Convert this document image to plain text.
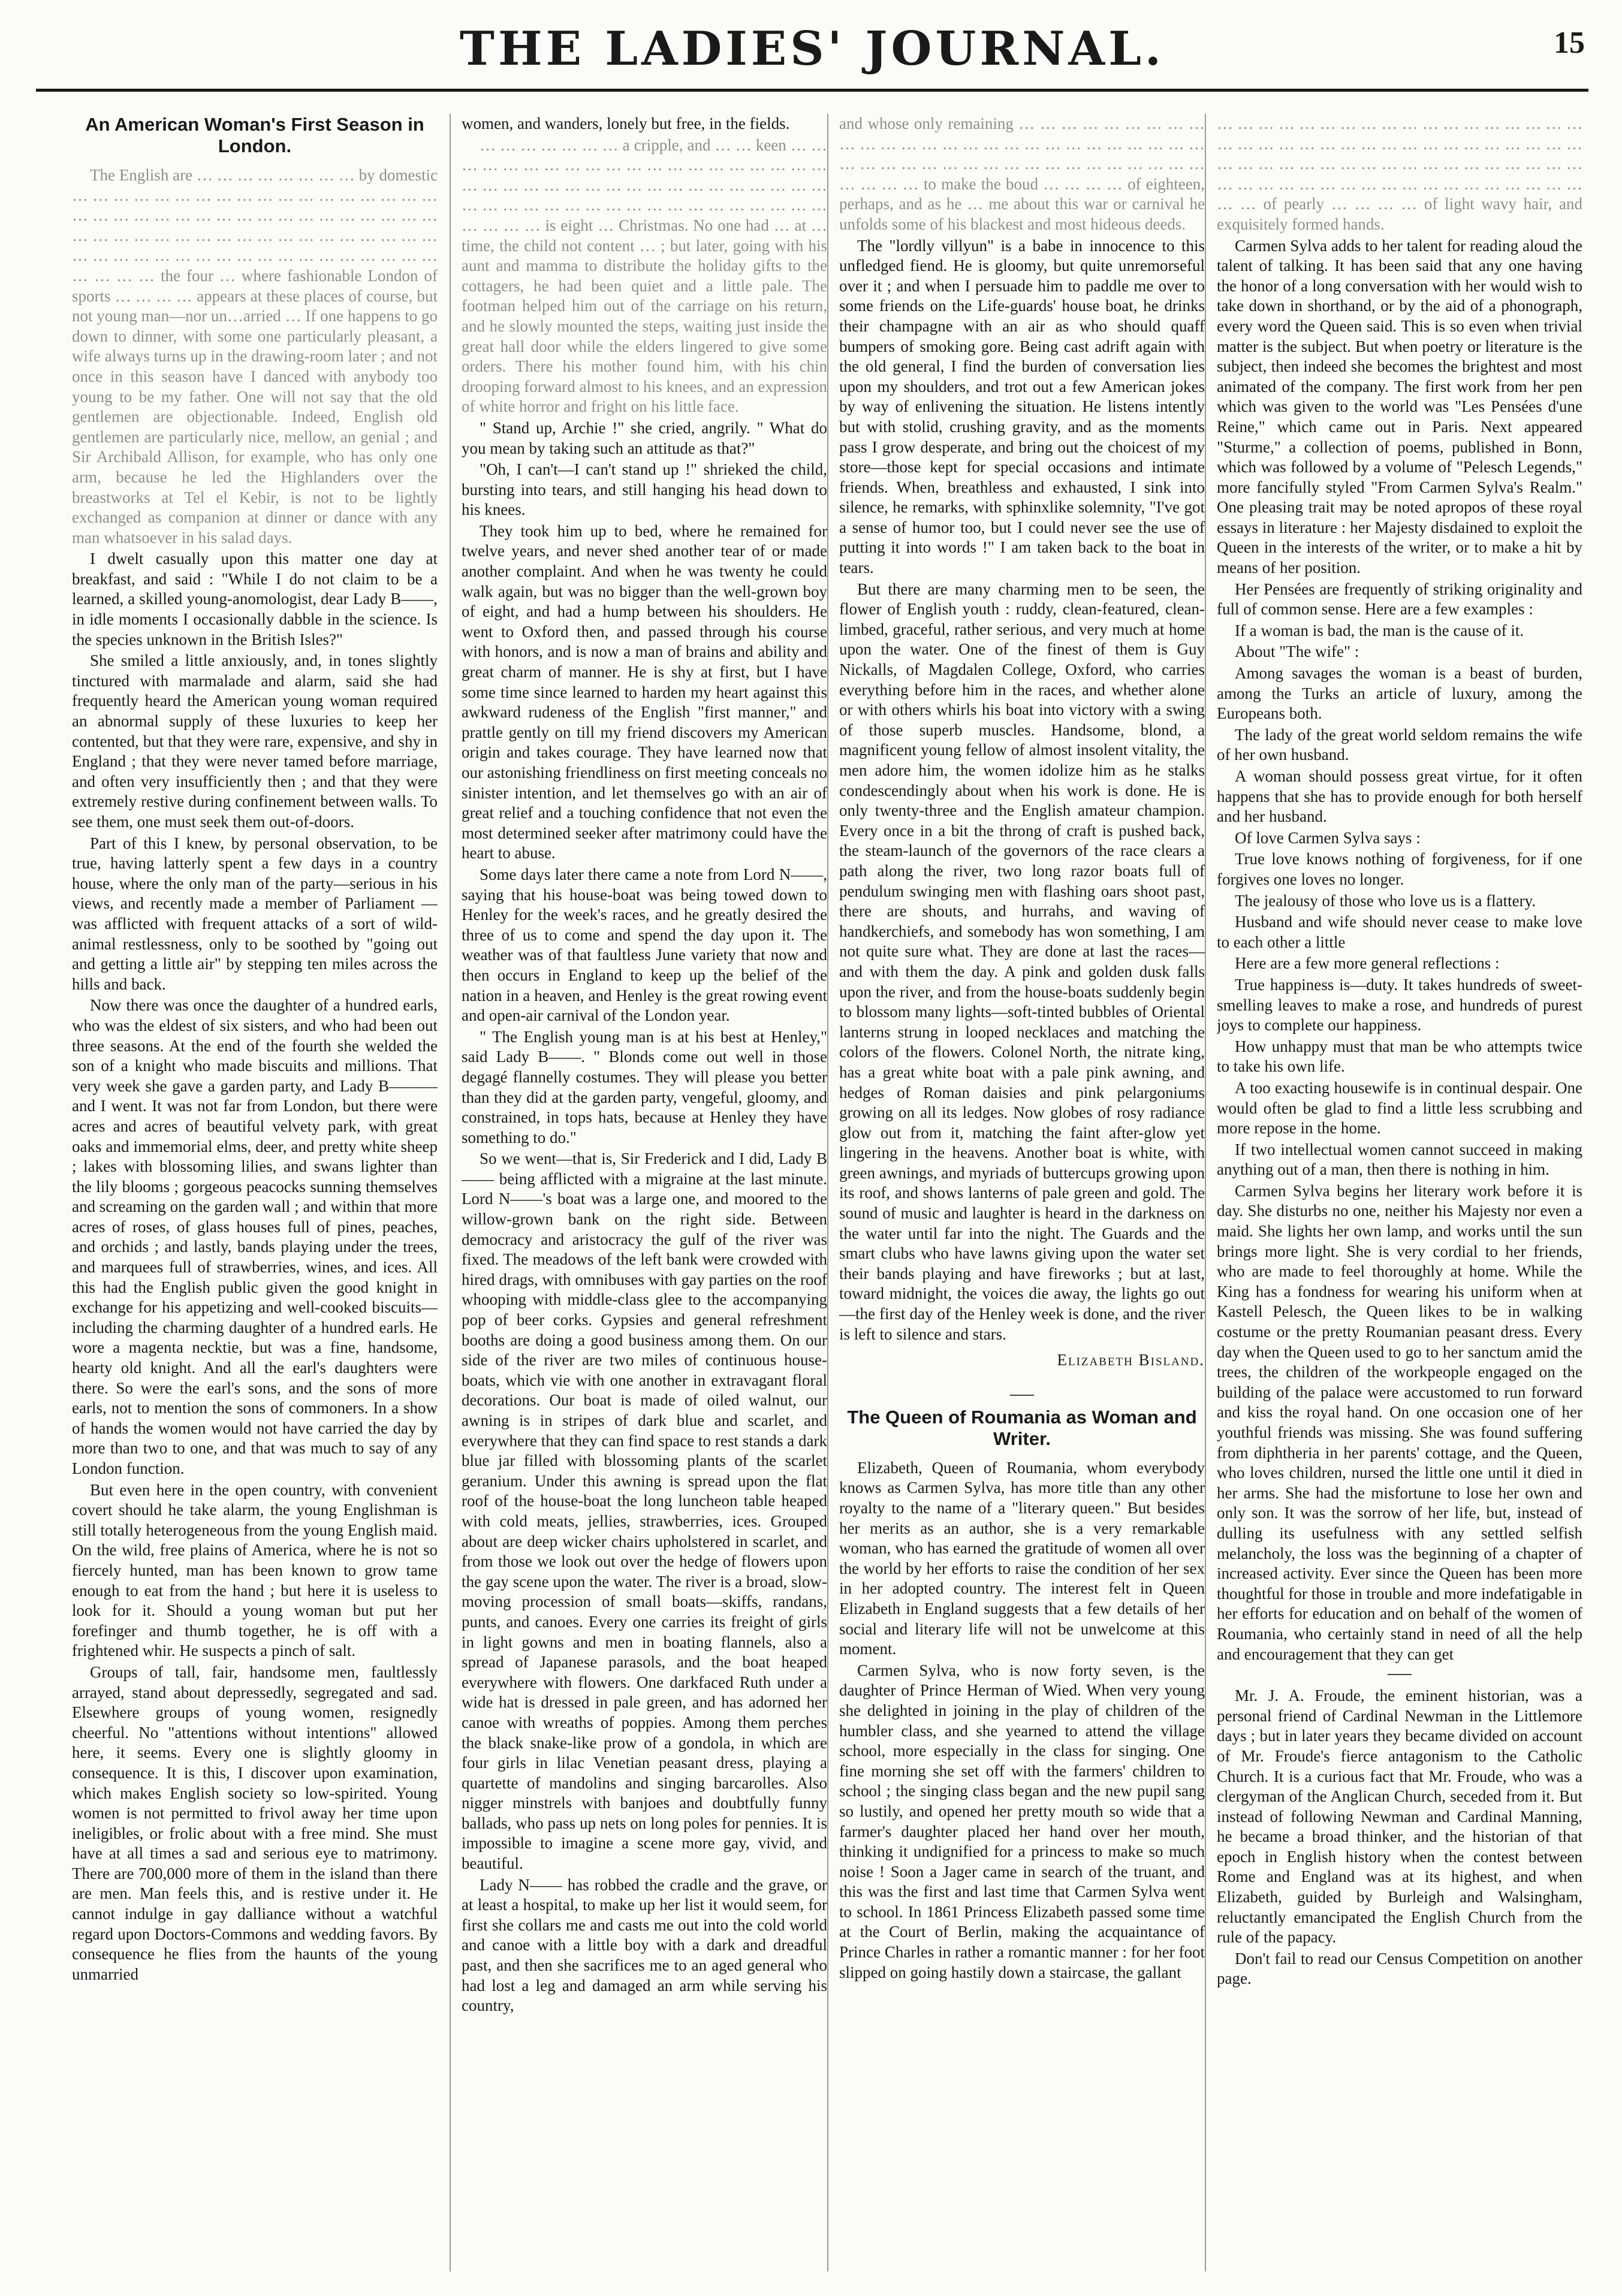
THE LADIES' JOURNAL.	15
An American Woman's First Season in London.

The English are … … … … … … … … by domestic … … … … … … … … … … … … … … … … … … … … … … … … … … … … … … … … … … … … … … … … … … … … … … … … … … … … … … … … … … … … … … … … … … … … … … … … … … … … the four … where fashionable London of sports … … … … appears at these places of course, but not young man—nor un…arried … If one happens to go down to dinner, with some one particularly pleasant, a wife always turns up in the drawing-room later ; and not once in this season have I danced with anybody too young to be my father. One will not say that the old gentlemen are objectionable. Indeed, English old gentlemen are particularly nice, mellow, an genial ; and Sir Archibald Allison, for example, who has only one arm, because he led the Highlanders over the breastworks at Tel el Kebir, is not to be lightly exchanged as companion at dinner or dance with any man whatsoever in his salad days.

I dwelt casually upon this matter one day at breakfast, and said : "While I do not claim to be a learned, a skilled young-anomologist, dear Lady B——, in idle moments I occasionally dabble in the science. Is the species unknown in the British Isles?"

She smiled a little anxiously, and, in tones slightly tinctured with marmalade and alarm, said she had frequently heard the American young woman required an abnormal supply of these luxuries to keep her contented, but that they were rare, expensive, and shy in England ; that they were never tamed before marriage, and often very insufficiently then ; and that they were extremely restive during confinement between walls. To see them, one must seek them out-of-doors.

Part of this I knew, by personal observation, to be true, having latterly spent a few days in a country house, where the only man of the party—serious in his views, and recently made a member of Parliament —was afflicted with frequent attacks of a sort of wild-animal restlessness, only to be soothed by "going out and getting a little air" by stepping ten miles across the hills and back.

Now there was once the daughter of a hundred earls, who was the eldest of six sisters, and who had been out three seasons. At the end of the fourth she welded the son of a knight who made biscuits and millions. That very week she gave a garden party, and Lady B———and I went. It was not far from London, but there were acres and acres of beautiful velvety park, with great oaks and immemorial elms, deer, and pretty white sheep ; lakes with blossoming lilies, and swans lighter than the lily blooms ; gorgeous peacocks sunning themselves and screaming on the garden wall ; and within that more acres of roses, of glass houses full of pines, peaches, and orchids ; and lastly, bands playing under the trees, and marquees full of strawberries, wines, and ices. All this had the English public given the good knight in exchange for his appetizing and well-cooked biscuits—including the charming daughter of a hundred earls. He wore a magenta necktie, but was a fine, handsome, hearty old knight. And all the earl's daughters were there. So were the earl's sons, and the sons of more earls, not to mention the sons of commoners. In a show of hands the women would not have carried the day by more than two to one, and that was much to say of any London function.

But even here in the open country, with convenient covert should he take alarm, the young Englishman is still totally heterogeneous from the young English maid. On the wild, free plains of America, where he is not so fiercely hunted, man has been known to grow tame enough to eat from the hand ; but here it is useless to look for it. Should a young woman but put her forefinger and thumb together, he is off with a frightened whir. He suspects a pinch of salt.

Groups of tall, fair, handsome men, faultlessly arrayed, stand about depressedly, segregated and sad. Elsewhere groups of young women, resignedly cheerful. No "attentions without intentions" allowed here, it seems. Every one is slightly gloomy in consequence. It is this, I discover upon examination, which makes English society so low-spirited. Young women is not permitted to frivol away her time upon ineligibles, or frolic about with a free mind. She must have at all times a sad and serious eye to matrimony. There are 700,000 more of them in the island than there are men. Man feels this, and is restive under it. He cannot indulge in gay dalliance without a watchful regard upon Doctors-Commons and wedding favors. By consequence he flies from the haunts of the young unmarried

women, and wanders, lonely but free, in the fields.

… … … … … … … a cripple, and … … keen … … … … … … … … … … … … … … … … … … … … … … … … … … … … … … … … … … … … … … … … … … … … … … … … … … … … … … … … … … … … is eight … Christmas. No one had … at … time, the child not content … ; but later, going with his aunt and mamma to distribute the holiday gifts to the cottagers, he had been quiet and a little pale. The footman helped him out of the carriage on his return, and he slowly mounted the steps, waiting just inside the great hall door while the elders lingered to give some orders. There his mother found him, with his chin drooping forward almost to his knees, and an expression of white horror and fright on his little face.

" Stand up, Archie !" she cried, angrily. " What do you mean by taking such an attitude as that?"

"Oh, I can't—I can't stand up !" shrieked the child, bursting into tears, and still hanging his head down to his knees.

They took him up to bed, where he remained for twelve years, and never shed another tear of or made another complaint. And when he was twenty he could walk again, but was no bigger than the well-grown boy of eight, and had a hump between his shoulders. He went to Oxford then, and passed through his course with honors, and is now a man of brains and ability and great charm of manner. He is shy at first, but I have some time since learned to harden my heart against this awkward rudeness of the English "first manner," and prattle gently on till my friend discovers my American origin and takes courage. They have learned now that our astonishing friendliness on first meeting conceals no sinister intention, and let themselves go with an air of great relief and a touching confidence that not even the most determined seeker after matrimony could have the heart to abuse.

Some days later there came a note from Lord N——, saying that his house-boat was being towed down to Henley for the week's races, and he greatly desired the three of us to come and spend the day upon it. The weather was of that faultless June variety that now and then occurs in England to keep up the belief of the nation in a heaven, and Henley is the great rowing event and open-air carnival of the London year.

" The English young man is at his best at Henley," said Lady B——. " Blonds come out well in those degagé flannelly costumes. They will please you better than they did at the garden party, vengeful, gloomy, and constrained, in tops hats, because at Henley they have something to do."

So we went—that is, Sir Frederick and I did, Lady B—— being afflicted with a migraine at the last minute. Lord N——'s boat was a large one, and moored to the willow-grown bank on the right side. Between democracy and aristocracy the gulf of the river was fixed. The meadows of the left bank were crowded with hired drags, with omnibuses with gay parties on the roof whooping with middle-class glee to the accompanying pop of beer corks. Gypsies and general refreshment booths are doing a good business among them. On our side of the river are two miles of continuous house-boats, which vie with one another in extravagant floral decorations. Our boat is made of oiled walnut, our awning is in stripes of dark blue and scarlet, and everywhere that they can find space to rest stands a dark blue jar filled with blossoming plants of the scarlet geranium. Under this awning is spread upon the flat roof of the house-boat the long luncheon table heaped with cold meats, jellies, strawberries, ices. Grouped about are deep wicker chairs upholstered in scarlet, and from those we look out over the hedge of flowers upon the gay scene upon the water. The river is a broad, slow-moving procession of small boats—skiffs, randans, punts, and canoes. Every one carries its freight of girls in light gowns and men in boating flannels, also a spread of Japanese parasols, and the boat heaped everywhere with flowers. One darkfaced Ruth under a wide hat is dressed in pale green, and has adorned her canoe with wreaths of poppies. Among them perches the black snake-like prow of a gondola, in which are four girls in lilac Venetian peasant dress, playing a quartette of mandolins and singing barcarolles. Also nigger minstrels with banjoes and doubtfully funny ballads, who pass up nets on long poles for pennies. It is impossible to imagine a scene more gay, vivid, and beautiful.

Lady N—— has robbed the cradle and the grave, or at least a hospital, to make up her list it would seem, for first she collars me and casts me out into the cold world and canoe with a little boy with a dark and dreadful past, and then she sacrifices me to an aged general who had lost a leg and damaged an arm while serving his country,

and whose only remaining … … … … … … … … … … … … … … … … … … … … … … … … … … … … … … … … … … … … … … … … … … … … … … … … … to make the boud … … … … of eighteen, perhaps, and as he … me about this war or carnival he unfolds some of his blackest and most hideous deeds.

The "lordly villyun" is a babe in innocence to this unfledged fiend. He is gloomy, but quite unremorseful over it ; and when I persuade him to paddle me over to some friends on the Life-guards' house boat, he drinks their champagne with an air as who should quaff bumpers of smoking gore. Being cast adrift again with the old general, I find the burden of conversation lies upon my shoulders, and trot out a few American jokes by way of enlivening the situation. He listens intently but with stolid, crushing gravity, and as the moments pass I grow desperate, and bring out the choicest of my store—those kept for special occasions and intimate friends. When, breathless and exhausted, I sink into silence, he remarks, with sphinxlike solemnity, "I've got a sense of humor too, but I could never see the use of putting it into words !" I am taken back to the boat in tears.

But there are many charming men to be seen, the flower of English youth : ruddy, clean-featured, clean-limbed, graceful, rather serious, and very much at home upon the water. One of the finest of them is Guy Nickalls, of Magdalen College, Oxford, who carries everything before him in the races, and whether alone or with others whirls his boat into victory with a swing of those superb muscles. Handsome, blond, a magnificent young fellow of almost insolent vitality, the men adore him, the women idolize him as he stalks condescendingly about when his work is done. He is only twenty-three and the English amateur champion. Every once in a bit the throng of craft is pushed back, the steam-launch of the governors of the race clears a path along the river, two long razor boats full of pendulum swinging men with flashing oars shoot past, there are shouts, and hurrahs, and waving of handkerchiefs, and somebody has won something, I am not quite sure what. They are done at last the races—and with them the day. A pink and golden dusk falls upon the river, and from the house-boats suddenly begin to blossom many lights—soft-tinted bubbles of Oriental lanterns strung in looped necklaces and matching the colors of the flowers. Colonel North, the nitrate king, has a great white boat with a pale pink awning, and hedges of Roman daisies and pink pelargoniums growing on all its ledges. Now globes of rosy radiance glow out from it, matching the faint after-glow yet lingering in the heavens. Another boat is white, with green awnings, and myriads of buttercups growing upon its roof, and shows lanterns of pale green and gold. The sound of music and laughter is heard in the darkness on the water until far into the night. The Guards and the smart clubs who have lawns giving upon the water set their bands playing and have fireworks ; but at last, toward midnight, the voices die away, the lights go out—the first day of the Henley week is done, and the river is left to silence and stars.

Elizabeth Bisland.
The Queen of Roumania as Woman and Writer.

Elizabeth, Queen of Roumania, whom everybody knows as Carmen Sylva, has more title than any other royalty to the name of a "literary queen." But besides her merits as an author, she is a very remarkable woman, who has earned the gratitude of women all over the world by her efforts to raise the condition of her sex in her adopted country. The interest felt in Queen Elizabeth in England suggests that a few details of her social and literary life will not be unwelcome at this moment.

Carmen Sylva, who is now forty seven, is the daughter of Prince Herman of Wied. When very young she delighted in joining in the play of children of the humbler class, and she yearned to attend the village school, more especially in the class for singing. One fine morning she set off with the farmers' children to school ; the singing class began and the new pupil sang so lustily, and opened her pretty mouth so wide that a farmer's daughter placed her hand over her mouth, thinking it undignified for a princess to make so much noise ! Soon a Jager came in search of the truant, and this was the first and last time that Carmen Sylva went to school. In 1861 Princess Elizabeth passed some time at the Court of Berlin, making the acquaintance of Prince Charles in rather a romantic manner : for her foot slipped on going hastily down a staircase, the gallant

… … … … … … … … … … … … … … … … … … … … … … … … … … … … … … … … … … … … … … … … … … … … … … … … … … … … … … … … … … … … … … … … … … … … … … … … … … of pearly … … … … of light wavy hair, and exquisitely formed hands.

Carmen Sylva adds to her talent for reading aloud the talent of talking. It has been said that any one having the honor of a long conversation with her would wish to take down in shorthand, or by the aid of a phonograph, every word the Queen said. This is so even when trivial matter is the subject. But when poetry or literature is the subject, then indeed she becomes the brightest and most animated of the company. The first work from her pen which was given to the world was "Les Pensées d'une Reine," which came out in Paris. Next appeared "Sturme," a collection of poems, published in Bonn, which was followed by a volume of "Pelesch Legends," more fancifully styled "From Carmen Sylva's Realm." One pleasing trait may be noted apropos of these royal essays in literature : her Majesty disdained to exploit the Queen in the interests of the writer, or to make a hit by means of her position.

Her Pensées are frequently of striking originality and full of common sense. Here are a few examples :

If a woman is bad, the man is the cause of it.

About "The wife" :

Among savages the woman is a beast of burden, among the Turks an article of luxury, among the Europeans both.

The lady of the great world seldom remains the wife of her own husband.

A woman should possess great virtue, for it often happens that she has to provide enough for both herself and her husband.

Of love Carmen Sylva says :

True love knows nothing of forgiveness, for if one forgives one loves no longer.

The jealousy of those who love us is a flattery.

Husband and wife should never cease to make love to each other a little

Here are a few more general reflections :

True happiness is—duty. It takes hundreds of sweet-smelling leaves to make a rose, and hundreds of purest joys to complete our happiness.

How unhappy must that man be who attempts twice to take his own life.

A too exacting housewife is in continual despair. One would often be glad to find a little less scrubbing and more repose in the home.

If two intellectual women cannot succeed in making anything out of a man, then there is nothing in him.

Carmen Sylva begins her literary work before it is day. She disturbs no one, neither his Majesty nor even a maid. She lights her own lamp, and works until the sun brings more light. She is very cordial to her friends, who are made to feel thoroughly at home. While the King has a fondness for wearing his uniform when at Kastell Pelesch, the Queen likes to be in walking costume or the pretty Roumanian peasant dress. Every day when the Queen used to go to her sanctum amid the trees, the children of the workpeople engaged on the building of the palace were accustomed to run forward and kiss the royal hand. On one occasion one of her youthful friends was missing. She was found suffering from diphtheria in her parents' cottage, and the Queen, who loves children, nursed the little one until it died in her arms. She had the misfortune to lose her own and only son. It was the sorrow of her life, but, instead of dulling its usefulness with any settled selfish melancholy, the loss was the beginning of a chapter of increased activity. Ever since the Queen has been more thoughtful for those in trouble and more indefatigable in her efforts for education and on behalf of the women of Roumania, who certainly stand in need of all the help and encouragement that they can get

Mr. J. A. Froude, the eminent historian, was a personal friend of Cardinal Newman in the Littlemore days ; but in later years they became divided on account of Mr. Froude's fierce antagonism to the Catholic Church. It is a curious fact that Mr. Froude, who was a clergyman of the Anglican Church, seceded from it. But instead of following Newman and Cardinal Manning, he became a broad thinker, and the historian of that epoch in English history when the contest between Rome and England was at its highest, and when Elizabeth, guided by Burleigh and Walsingham, reluctantly emancipated the English Church from the rule of the papacy.

Don't fail to read our Census Competition on another page.
